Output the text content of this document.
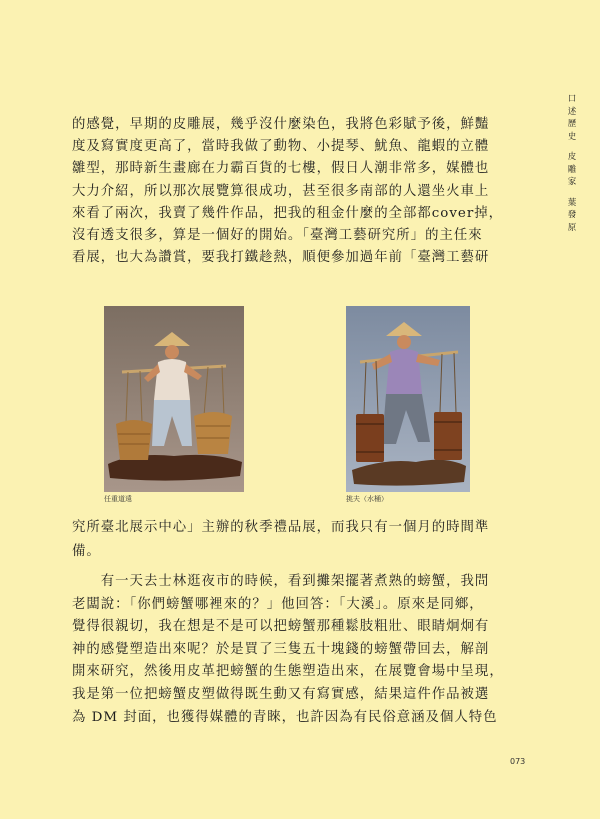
口述歷史
皮雕家
葉發原

的感覺，早期的皮雕展，幾乎沒什麼染色，我將色彩賦予後，鮮豔
度及寫實度更高了，當時我做了動物、小提琴、魷魚、龍蝦的立體
雛型，那時新生畫廊在力霸百貨的七樓，假日人潮非常多，媒體也
大力介紹，所以那次展覽算很成功，甚至很多南部的人還坐火車上
來看了兩次，我賣了幾件作品，把我的租金什麼的全部都cover掉，
沒有透支很多，算是一個好的開始。「臺灣工藝研究所」的主任來
看展，也大為讚賞，要我打鐵趁熱，順便參加過年前「臺灣工藝研

任重道遠	挑夫（水桶）

究所臺北展示中心」主辦的秋季禮品展，而我只有一個月的時間準
備。

　　有一天去士林逛夜市的時候，看到攤架擺著煮熟的螃蟹，我問
老闆說：「你們螃蟹哪裡來的？」他回答：「大溪」。原來是同鄉，
覺得很親切，我在想是不是可以把螃蟹那種鬆肢粗壯、眼睛炯炯有
神的感覺塑造出來呢？於是買了三隻五十塊錢的螃蟹帶回去，解剖
開來研究，然後用皮革把螃蟹的生態塑造出來，在展覽會場中呈現，
我是第一位把螃蟹皮塑做得既生動又有寫實感，結果這件作品被選
為 DM 封面，也獲得媒體的青睞，也許因為有民俗意涵及個人特色

073
